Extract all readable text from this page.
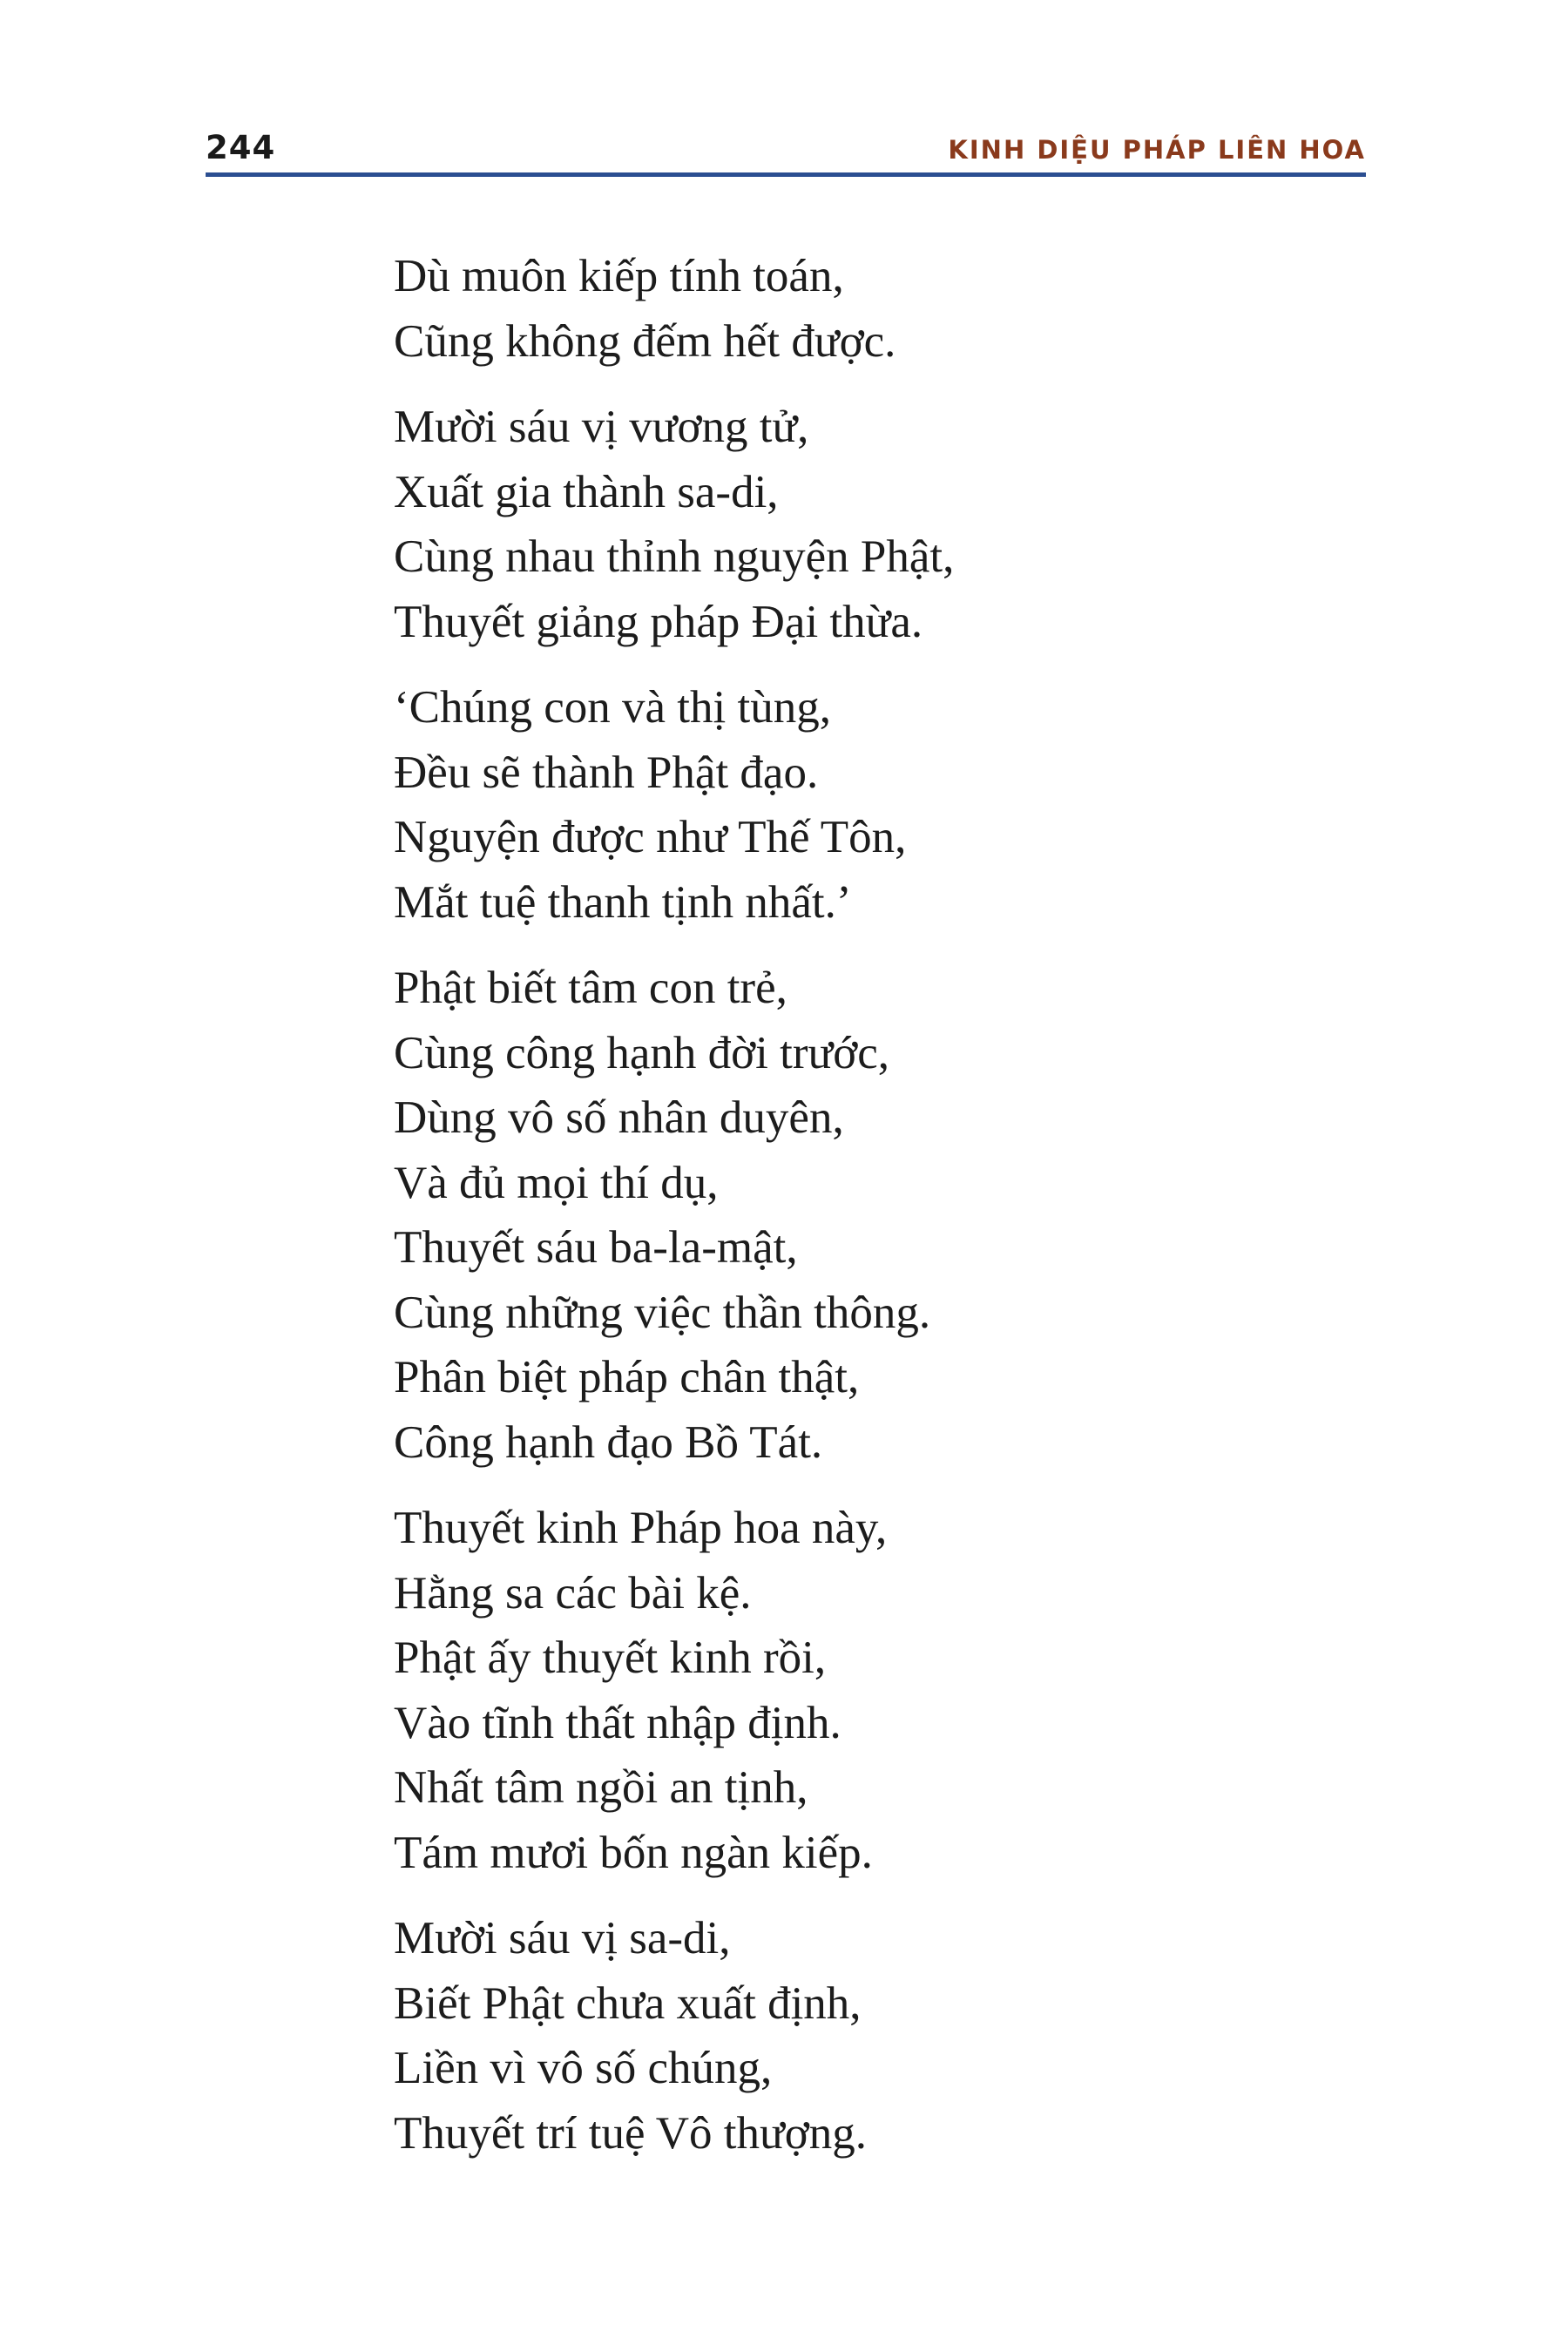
244	KINH DIỆU PHÁP LIÊN HOA
Dù muôn kiếp tính toán,
Cũng không đếm hết được.
Mười sáu vị vương tử,
Xuất gia thành sa-di,
Cùng nhau thỉnh nguyện Phật,
Thuyết giảng pháp Đại thừa.
‘Chúng con và thị tùng,
Đều sẽ thành Phật đạo.
Nguyện được như Thế Tôn,
Mắt tuệ thanh tịnh nhất.’
Phật biết tâm con trẻ,
Cùng công hạnh đời trước,
Dùng vô số nhân duyên,
Và đủ mọi thí dụ,
Thuyết sáu ba-la-mật,
Cùng những việc thần thông.
Phân biệt pháp chân thật,
Công hạnh đạo Bồ Tát.
Thuyết kinh Pháp hoa này,
Hằng sa các bài kệ.
Phật ấy thuyết kinh rồi,
Vào tĩnh thất nhập định.
Nhất tâm ngồi an tịnh,
Tám mươi bốn ngàn kiếp.
Mười sáu vị sa-di,
Biết Phật chưa xuất định,
Liền vì vô số chúng,
Thuyết trí tuệ Vô thượng.
